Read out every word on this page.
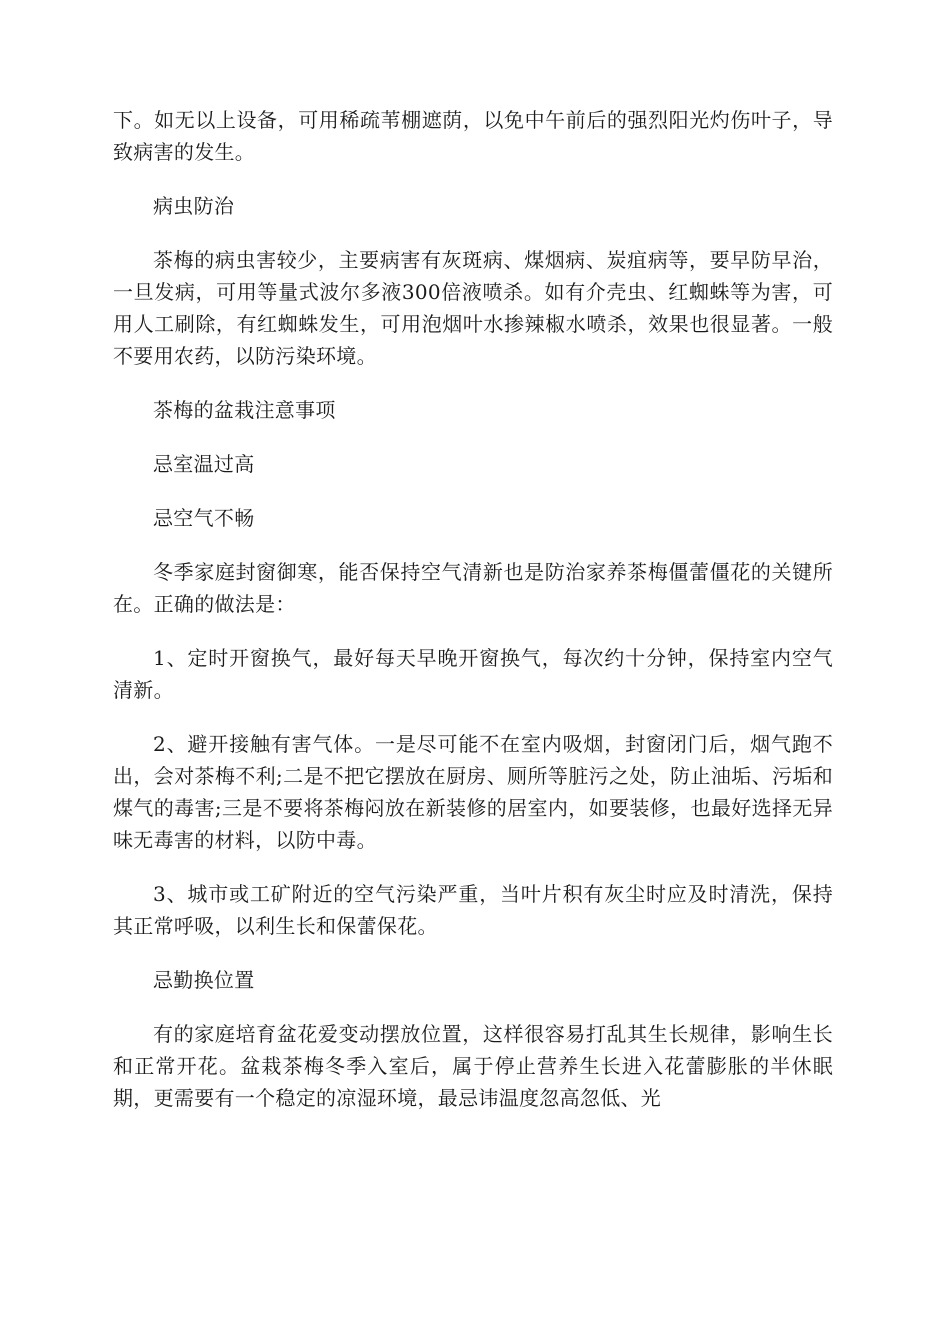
下。如无以上设备，可用稀疏苇棚遮荫，以免中午前后的强烈阳光灼伤叶子，导致病害的发生。

病虫防治

茶梅的病虫害较少，主要病害有灰斑病、煤烟病、炭疽病等，要早防早治，一旦发病，可用等量式波尔多液300倍液喷杀。如有介壳虫、红蜘蛛等为害，可用人工刷除，有红蜘蛛发生，可用泡烟叶水掺辣椒水喷杀，效果也很显著。一般不要用农药，以防污染环境。

茶梅的盆栽注意事项

忌室温过高

忌空气不畅

冬季家庭封窗御寒，能否保持空气清新也是防治家养茶梅僵蕾僵花的关键所在。正确的做法是：

1、定时开窗换气，最好每天早晚开窗换气，每次约十分钟，保持室内空气清新。

2、避开接触有害气体。一是尽可能不在室内吸烟，封窗闭门后，烟气跑不出，会对茶梅不利;二是不把它摆放在厨房、厕所等脏污之处，防止油垢、污垢和煤气的毒害;三是不要将茶梅闷放在新装修的居室内，如要装修，也最好选择无异味无毒害的材料，以防中毒。

3、城市或工矿附近的空气污染严重，当叶片积有灰尘时应及时清洗，保持其正常呼吸，以利生长和保蕾保花。

忌勤换位置

有的家庭培育盆花爱变动摆放位置，这样很容易打乱其生长规律，影响生长和正常开花。盆栽茶梅冬季入室后，属于停止营养生长进入花蕾膨胀的半休眠期，更需要有一个稳定的凉湿环境，最忌讳温度忽高忽低、光
